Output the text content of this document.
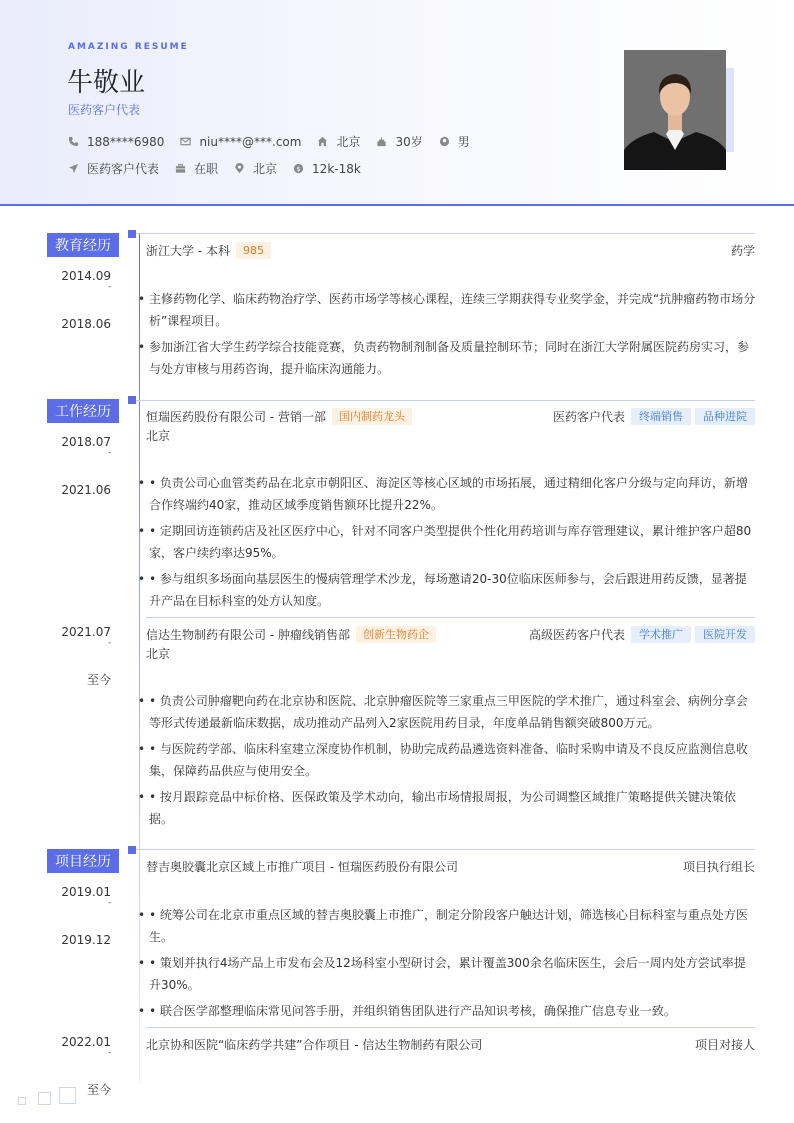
AMAZING RESUME
牛敬业
医药客户代表
188****6980	niu****@***.com	北京	30岁	男
医药客户代表	在职	北京	$ 12k-18k
教育经历
2014.09
-

2018.06
浙江大学 - 本科	985	药学
• 主修药物化学、临床药物治疗学、医药市场学等核心课程，连续三学期获得专业奖学金，并完成“抗肿瘤药物市场分析”课程项目。
• 参加浙江省大学生药学综合技能竞赛，负责药物制剂制备及质量控制环节；同时在浙江大学附属医院药房实习，参与处方审核与用药咨询，提升临床沟通能力。
工作经历
2018.07
-

2021.06
恒瑞医药股份有限公司 - 营销一部	国内制药龙头	医药客户代表	终端销售	品种进院
北京
• • 负责公司心血管类药品在北京市朝阳区、海淀区等核心区域的市场拓展，通过精细化客户分级与定向拜访，新增合作终端约40家，推动区域季度销售额环比提升22%。
• • 定期回访连锁药店及社区医疗中心，针对不同客户类型提供个性化用药培训与库存管理建议，累计维护客户超80家，客户续约率达95%。
• • 参与组织多场面向基层医生的慢病管理学术沙龙，每场邀请20-30位临床医师参与，会后跟进用药反馈，显著提升产品在目标科室的处方认知度。
2021.07
-

至今
信达生物制药有限公司 - 肿瘤线销售部	创新生物药企	高级医药客户代表	学术推广	医院开发
北京
• • 负责公司肿瘤靶向药在北京协和医院、北京肿瘤医院等三家重点三甲医院的学术推广，通过科室会、病例分享会等形式传递最新临床数据，成功推动产品列入2家医院用药目录，年度单品销售额突破800万元。
• • 与医院药学部、临床科室建立深度协作机制，协助完成药品遴选资料准备、临时采购申请及不良反应监测信息收集，保障药品供应与使用安全。
• • 按月跟踪竞品中标价格、医保政策及学术动向，输出市场情报周报，为公司调整区域推广策略提供关键决策依据。
项目经历
2019.01
-

2019.12
替吉奥胶囊北京区域上市推广项目 - 恒瑞医药股份有限公司	项目执行组长
• • 统筹公司在北京市重点区域的替吉奥胶囊上市推广，制定分阶段客户触达计划，筛选核心目标科室与重点处方医生。
• • 策划并执行4场产品上市发布会及12场科室小型研讨会，累计覆盖300余名临床医生，会后一周内处方尝试率提升30%。
• • 联合医学部整理临床常见问答手册，并组织销售团队进行产品知识考核，确保推广信息专业一致。
2022.01
-

至今
北京协和医院“临床药学共建”合作项目 - 信达生物制药有限公司	项目对接人
